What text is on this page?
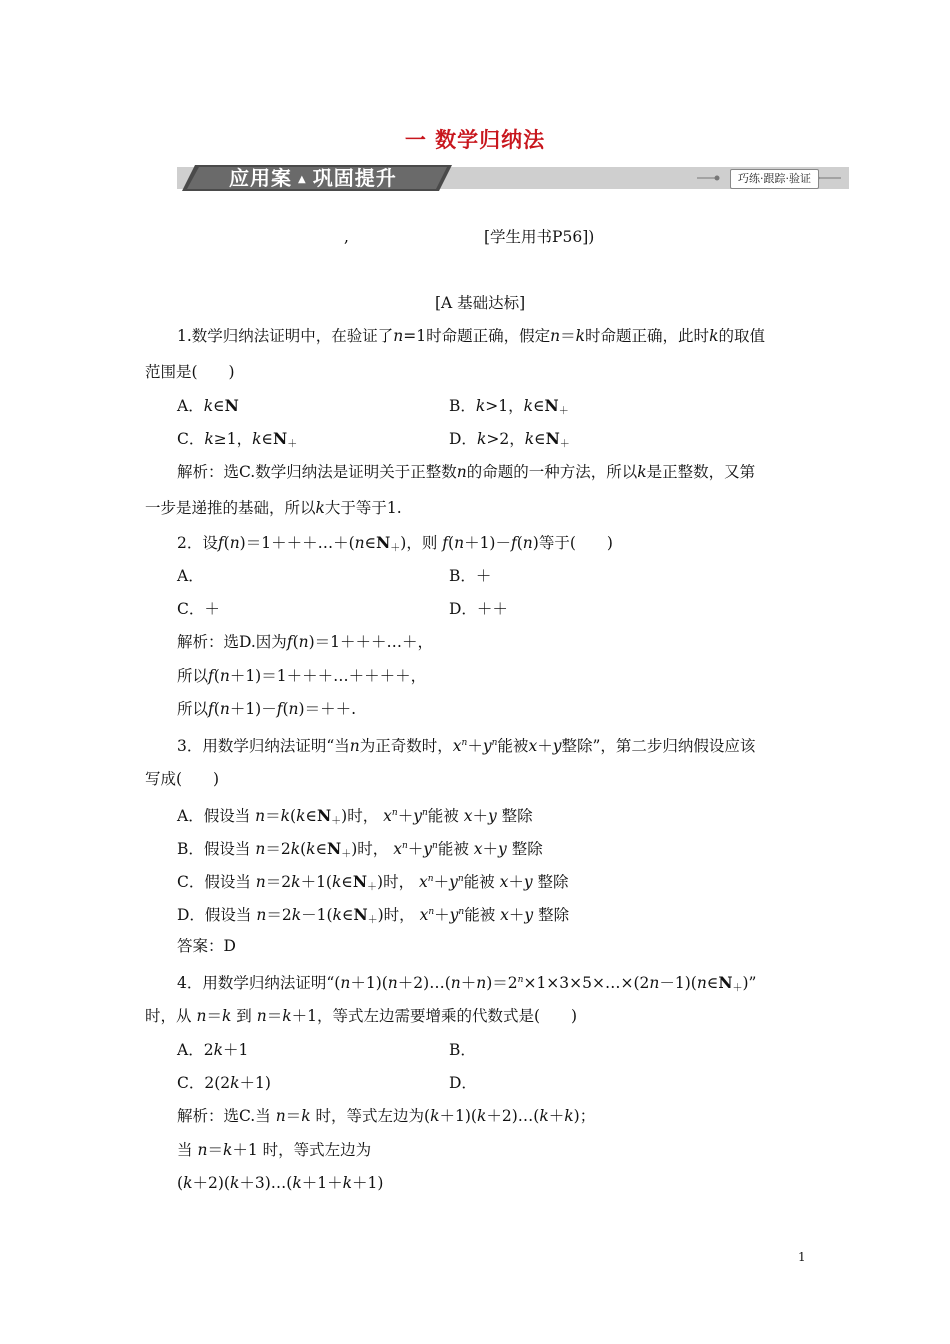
一 数学归纳法
应用案 ▲ 巩固提升	巧练·跟踪·验证
,	[学生用书P56])
[A 基础达标]
1.数学归纳法证明中，在验证了n=1时命题正确，假定n＝k时命题正确，此时k的取值
范围是(　　)
A．k∈N	B．k>1，$k\in N_+$
C．k≥1，$k\in N_+$	D．k>2，$k\in N_+$
解析：选C.数学归纳法是证明关于正整数n的命题的一种方法，所以k是正整数，又第
一步是递推的基础，所以k大于等于1.
2．设$f(n)=1+++\dots+(n\in N_+)$，则 f(n＋1)－f(n)等于(　　)
A．	B．＋
C．＋	D．＋＋
解析：选D.因为f(n)＝1＋＋＋…＋，
所以f(n＋1)＝1＋＋＋…＋＋＋＋，
所以f(n＋1)－f(n)＝＋＋.
3．用数学归纳法证明“当n为正奇数时，$x^n+y^n$能被x＋y整除”，第二步归纳假设应该
写成(　　)
A．假设当 $n=k(k\in N_+)$时， $x^n+y^n$能被 x＋y 整除
B．假设当 $n=2k(k\in N_+)$时， $x^n+y^n$能被 x＋y 整除
C．假设当 $n=2k+1(k\in N_+)$时， $x^n+y^n$能被 x＋y 整除
D．假设当 $n=2k-1(k\in N_+)$时， $x^n+y^n$能被 x＋y 整除
答案：D
4．用数学归纳法证明“$(n+1)(n+2)\dots(n+n)=2^n\times 1\times 3\times 5\times\dots\times(2n-1)(n\in N_+)$”
时，从 n＝k 到 n＝k＋1，等式左边需要增乘的代数式是(　　)
A．2k＋1	B．
C．2(2k＋1)	D．
解析：选C.当 n＝k 时，等式左边为(k＋1)(k＋2)…(k＋k)；
当 n＝k＋1 时，等式左边为
(k＋2)(k＋3)…(k＋1＋k＋1)
1
